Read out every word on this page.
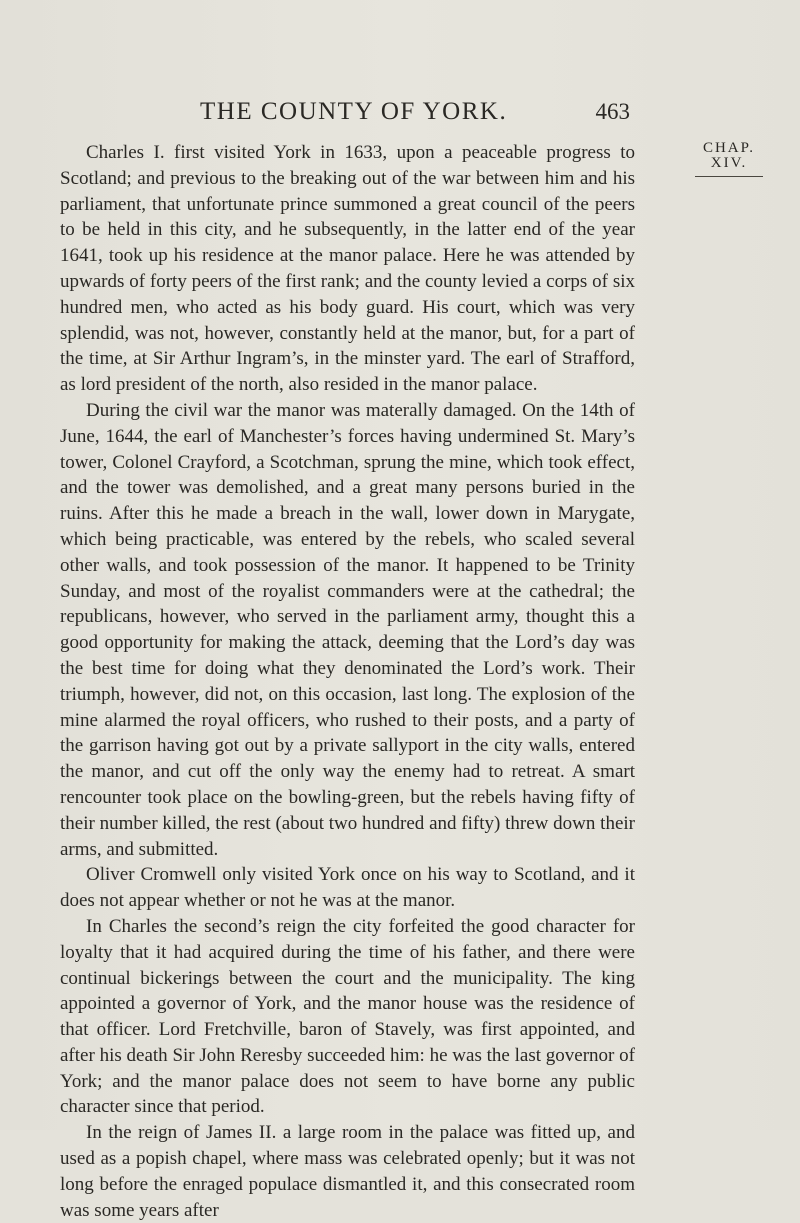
THE COUNTY OF YORK.	463
CHAP.
XIV.

Charles I. first visited York in 1633, upon a peaceable progress to Scotland; and previous to the breaking out of the war between him and his parliament, that unfortunate prince summoned a great council of the peers to be held in this city, and he subsequently, in the latter end of the year 1641, took up his residence at the manor palace. Here he was attended by upwards of forty peers of the first rank; and the county levied a corps of six hundred men, who acted as his body guard. His court, which was very splendid, was not, however, constantly held at the manor, but, for a part of the time, at Sir Arthur Ingram’s, in the minster yard. The earl of Strafford, as lord president of the north, also resided in the manor palace.

During the civil war the manor was materally damaged. On the 14th of June, 1644, the earl of Manchester’s forces having undermined St. Mary’s tower, Colonel Crayford, a Scotchman, sprung the mine, which took effect, and the tower was demolished, and a great many persons buried in the ruins. After this he made a breach in the wall, lower down in Marygate, which being practicable, was entered by the rebels, who scaled several other walls, and took possession of the manor. It happened to be Trinity Sunday, and most of the royalist commanders were at the cathedral; the republicans, however, who served in the parliament army, thought this a good opportunity for making the attack, deeming that the Lord’s day was the best time for doing what they denominated the Lord’s work. Their triumph, however, did not, on this occasion, last long. The explosion of the mine alarmed the royal officers, who rushed to their posts, and a party of the garrison having got out by a private sallyport in the city walls, entered the manor, and cut off the only way the enemy had to retreat. A smart rencounter took place on the bowling-green, but the rebels having fifty of their number killed, the rest (about two hundred and fifty) threw down their arms, and submitted.

Oliver Cromwell only visited York once on his way to Scotland, and it does not appear whether or not he was at the manor.

In Charles the second’s reign the city forfeited the good character for loyalty that it had acquired during the time of his father, and there were continual bickerings between the court and the municipality. The king appointed a governor of York, and the manor house was the residence of that officer. Lord Fretchville, baron of Stavely, was first appointed, and after his death Sir John Reresby succeeded him: he was the last governor of York; and the manor palace does not seem to have borne any public character since that period.

In the reign of James II. a large room in the palace was fitted up, and used as a popish chapel, where mass was celebrated openly; but it was not long before the enraged populace dismantled it, and this consecrated room was some years after
